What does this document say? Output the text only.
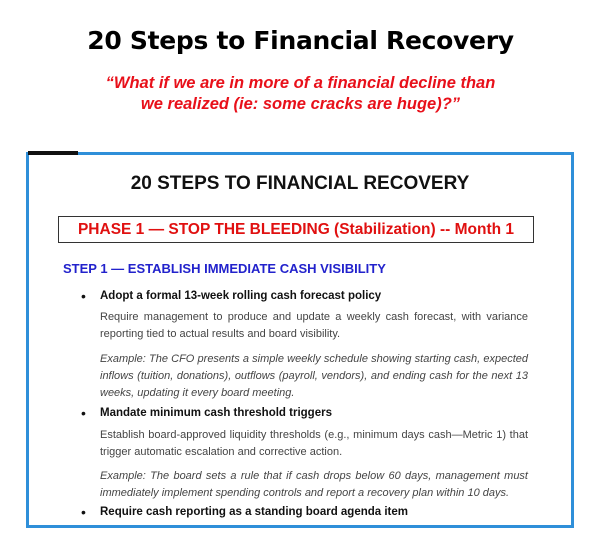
20 Steps to Financial Recovery
“What if we are in more of a financial decline than
we realized (ie: some cracks are huge)?”
20 STEPS TO FINANCIAL RECOVERY
PHASE 1 — STOP THE BLEEDING (Stabilization) -- Month 1
STEP 1 — ESTABLISH IMMEDIATE CASH VISIBILITY
• Adopt a formal 13-week rolling cash forecast policy
Require management to produce and update a weekly cash forecast, with variance reporting tied to actual results and board visibility.
Example: The CFO presents a simple weekly schedule showing starting cash, expected inflows (tuition, donations), outflows (payroll, vendors), and ending cash for the next 13 weeks, updating it every board meeting.
• Mandate minimum cash threshold triggers
Establish board-approved liquidity thresholds (e.g., minimum days cash—Metric 1) that trigger automatic escalation and corrective action.
Example: The board sets a rule that if cash drops below 60 days, management must immediately implement spending controls and report a recovery plan within 10 days.
• Require cash reporting as a standing board agenda item
